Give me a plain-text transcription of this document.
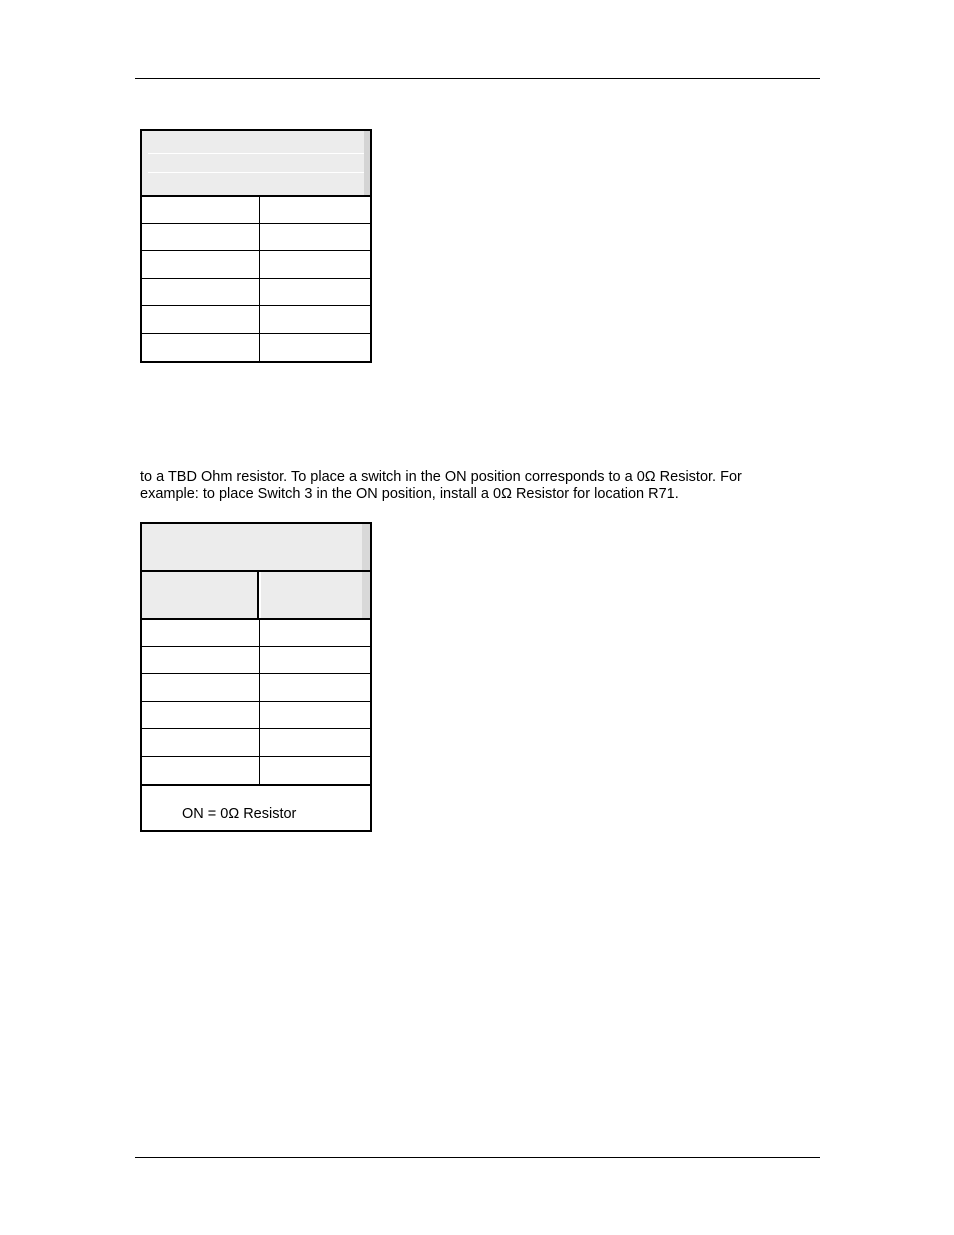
to a TBD Ohm resistor. To place a switch in the ON position corresponds to a 0Ω Resistor. For

example: to place Switch 3 in the ON position, install a 0Ω Resistor for location R71.

ON = 0Ω Resistor
